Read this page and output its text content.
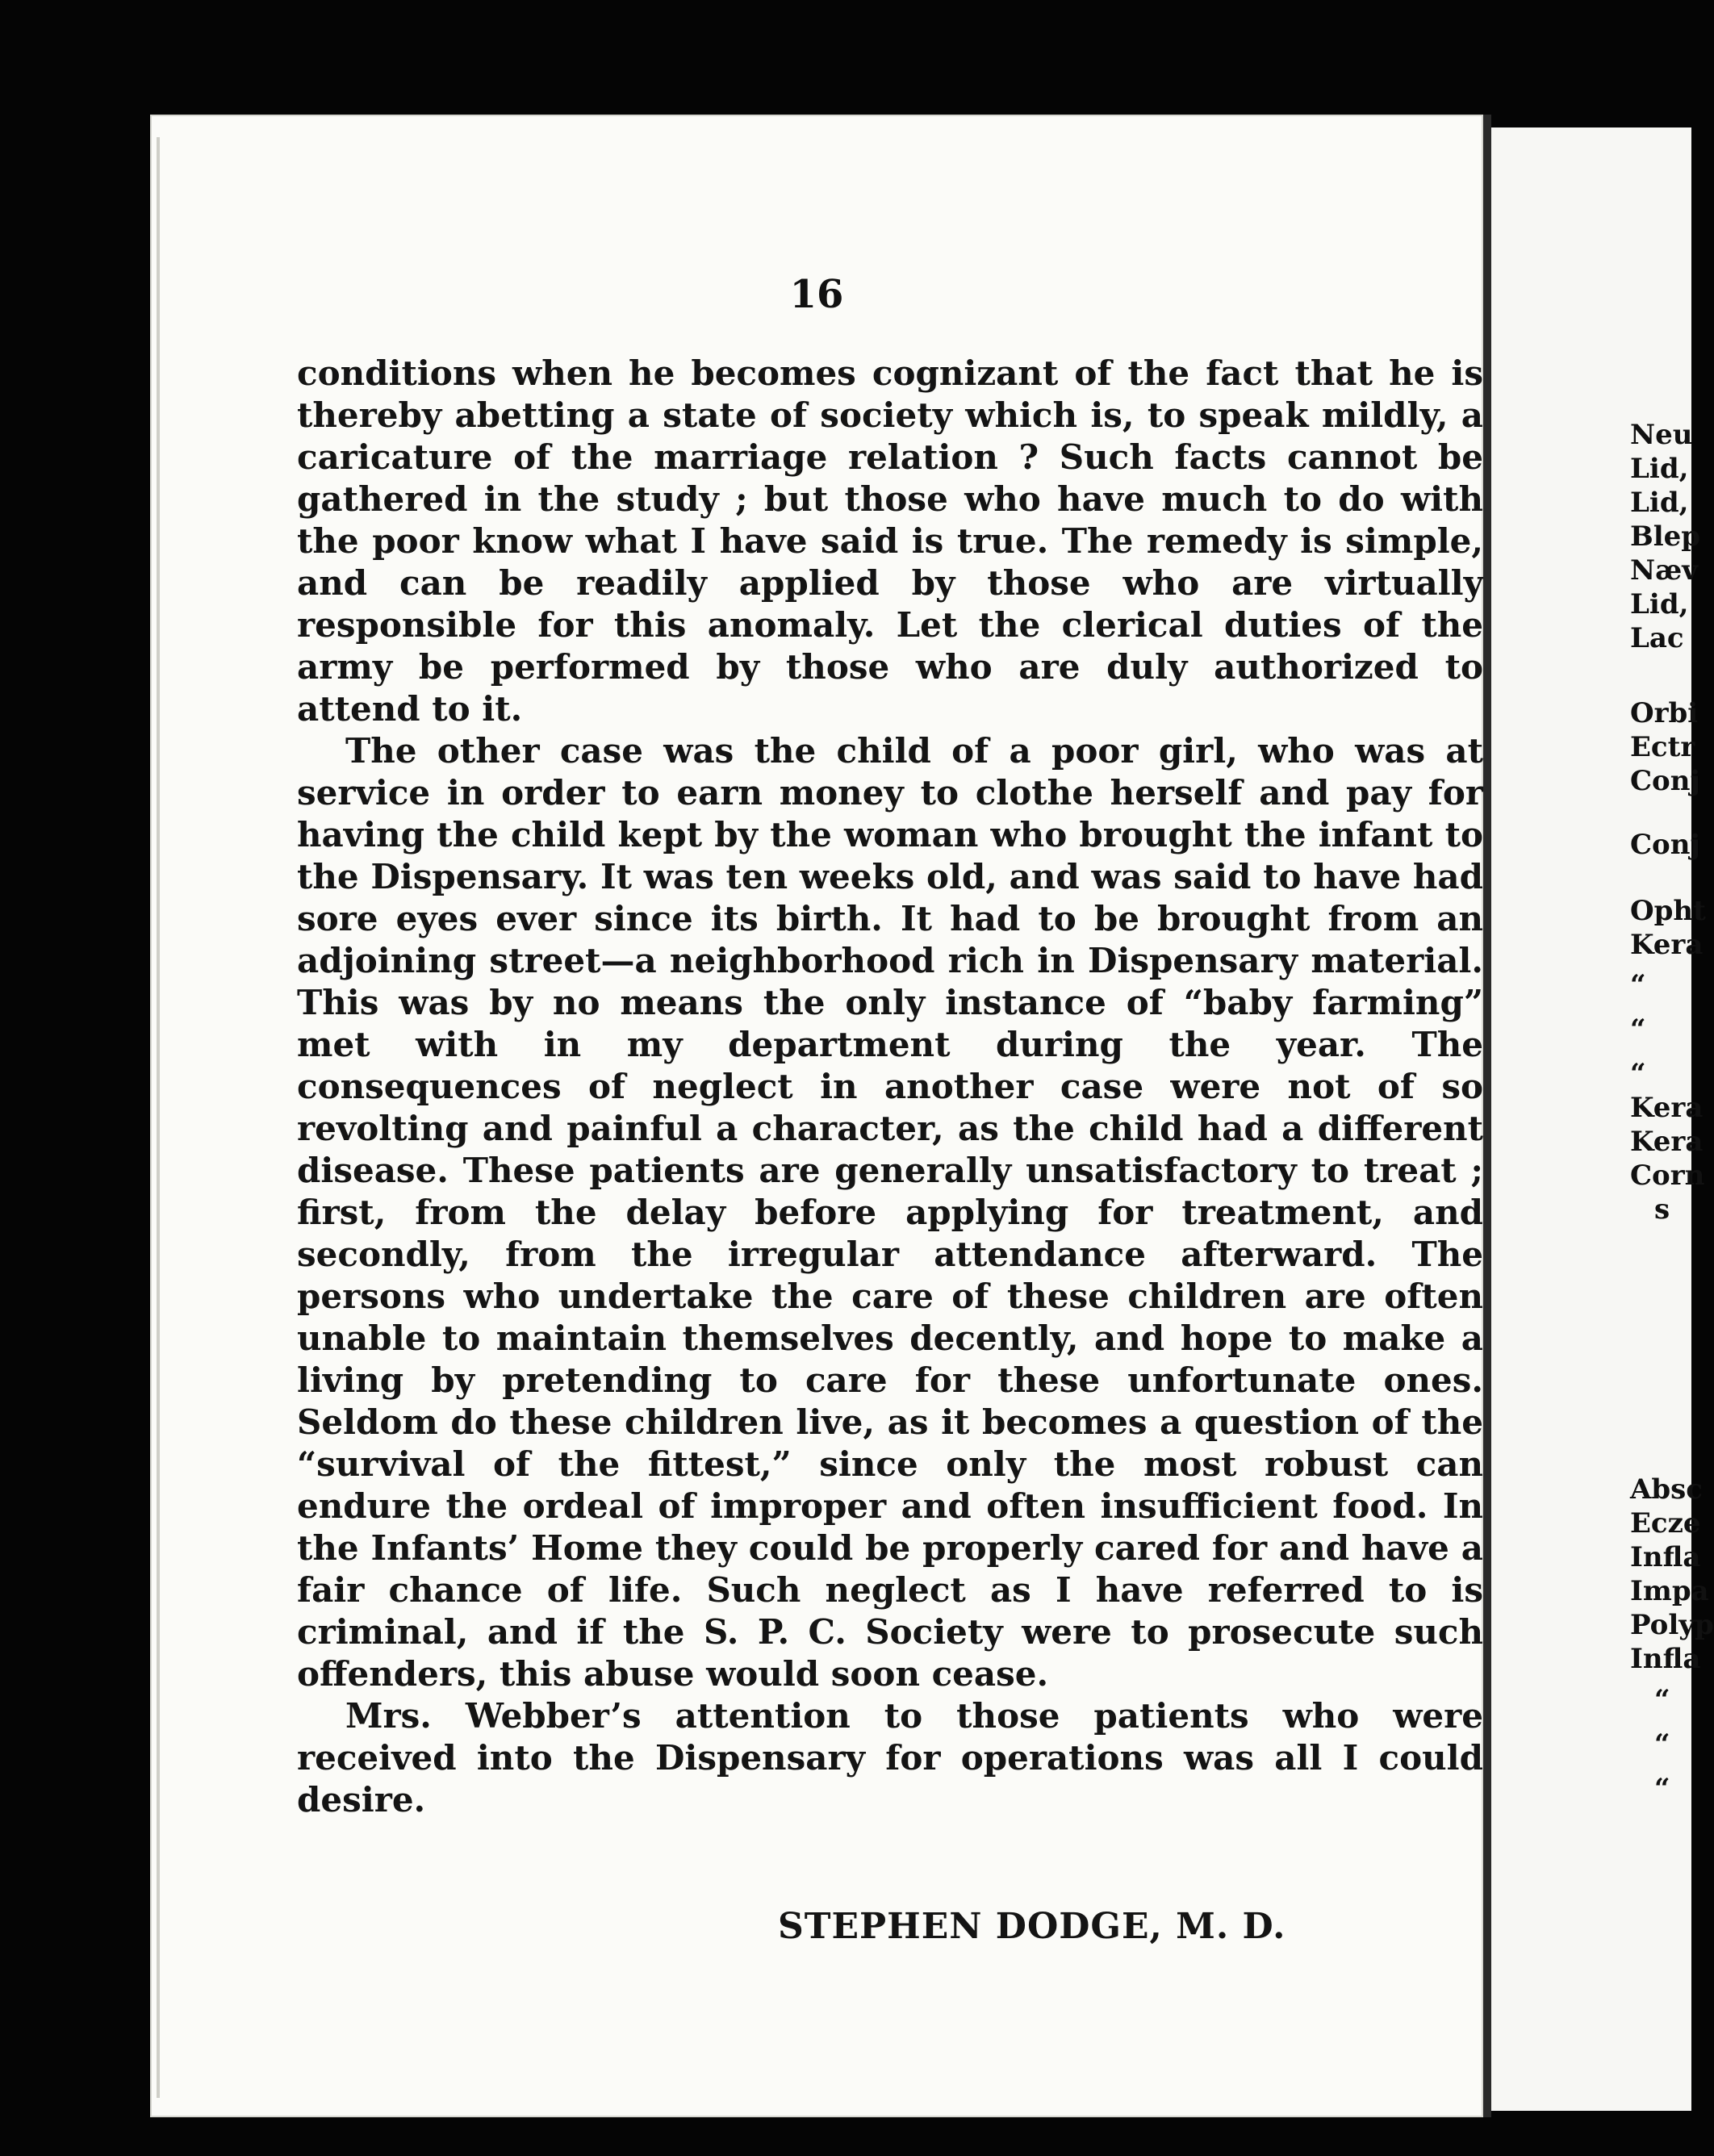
16

conditions when he becomes cognizant of the fact that he is thereby abetting a state of society which is, to speak mildly, a caricature of the marriage relation ? Such facts cannot be gathered in the study ; but those who have much to do with the poor know what I have said is true. The remedy is simple, and can be readily applied by those who are virtually responsible for this anomaly. Let the clerical duties of the army be performed by those who are duly authorized to attend to it.

The other case was the child of a poor girl, who was at service in order to earn money to clothe herself and pay for having the child kept by the woman who brought the infant to the Dispensary. It was ten weeks old, and was said to have had sore eyes ever since its birth. It had to be brought from an adjoining street—a neighborhood rich in Dispensary material. This was by no means the only instance of “baby farming” met with in my department during the year. The consequences of neglect in another case were not of so revolting and painful a character, as the child had a different disease. These patients are generally unsatisfactory to treat ; first, from the delay before applying for treatment, and secondly, from the irregular attendance afterward. The persons who undertake the care of these children are often unable to maintain themselves decently, and hope to make a living by pretending to care for these unfortunate ones. Seldom do these children live, as it becomes a question of the “survival of the fittest,” since only the most robust can endure the ordeal of improper and often insufficient food. In the Infants’ Home they could be properly cared for and have a fair chance of life. Such neglect as I have referred to is criminal, and if the S. P. C. Society were to prosecute such offenders, this abuse would soon cease.

Mrs. Webber’s attention to those patients who were received into the Dispensary for operations was all I could desire.

STEPHEN DODGE, M. D.
Neu
Lid,
Lid,
Blep
Næv
Lid,
Lac
Orbi
Ectr
Conj
Conj
Opht
Kera
“
“
“
Kera
Kera
Corn
s
Absc
Ecze
Infla
Impa
Polyp
Infla
“
“
“
